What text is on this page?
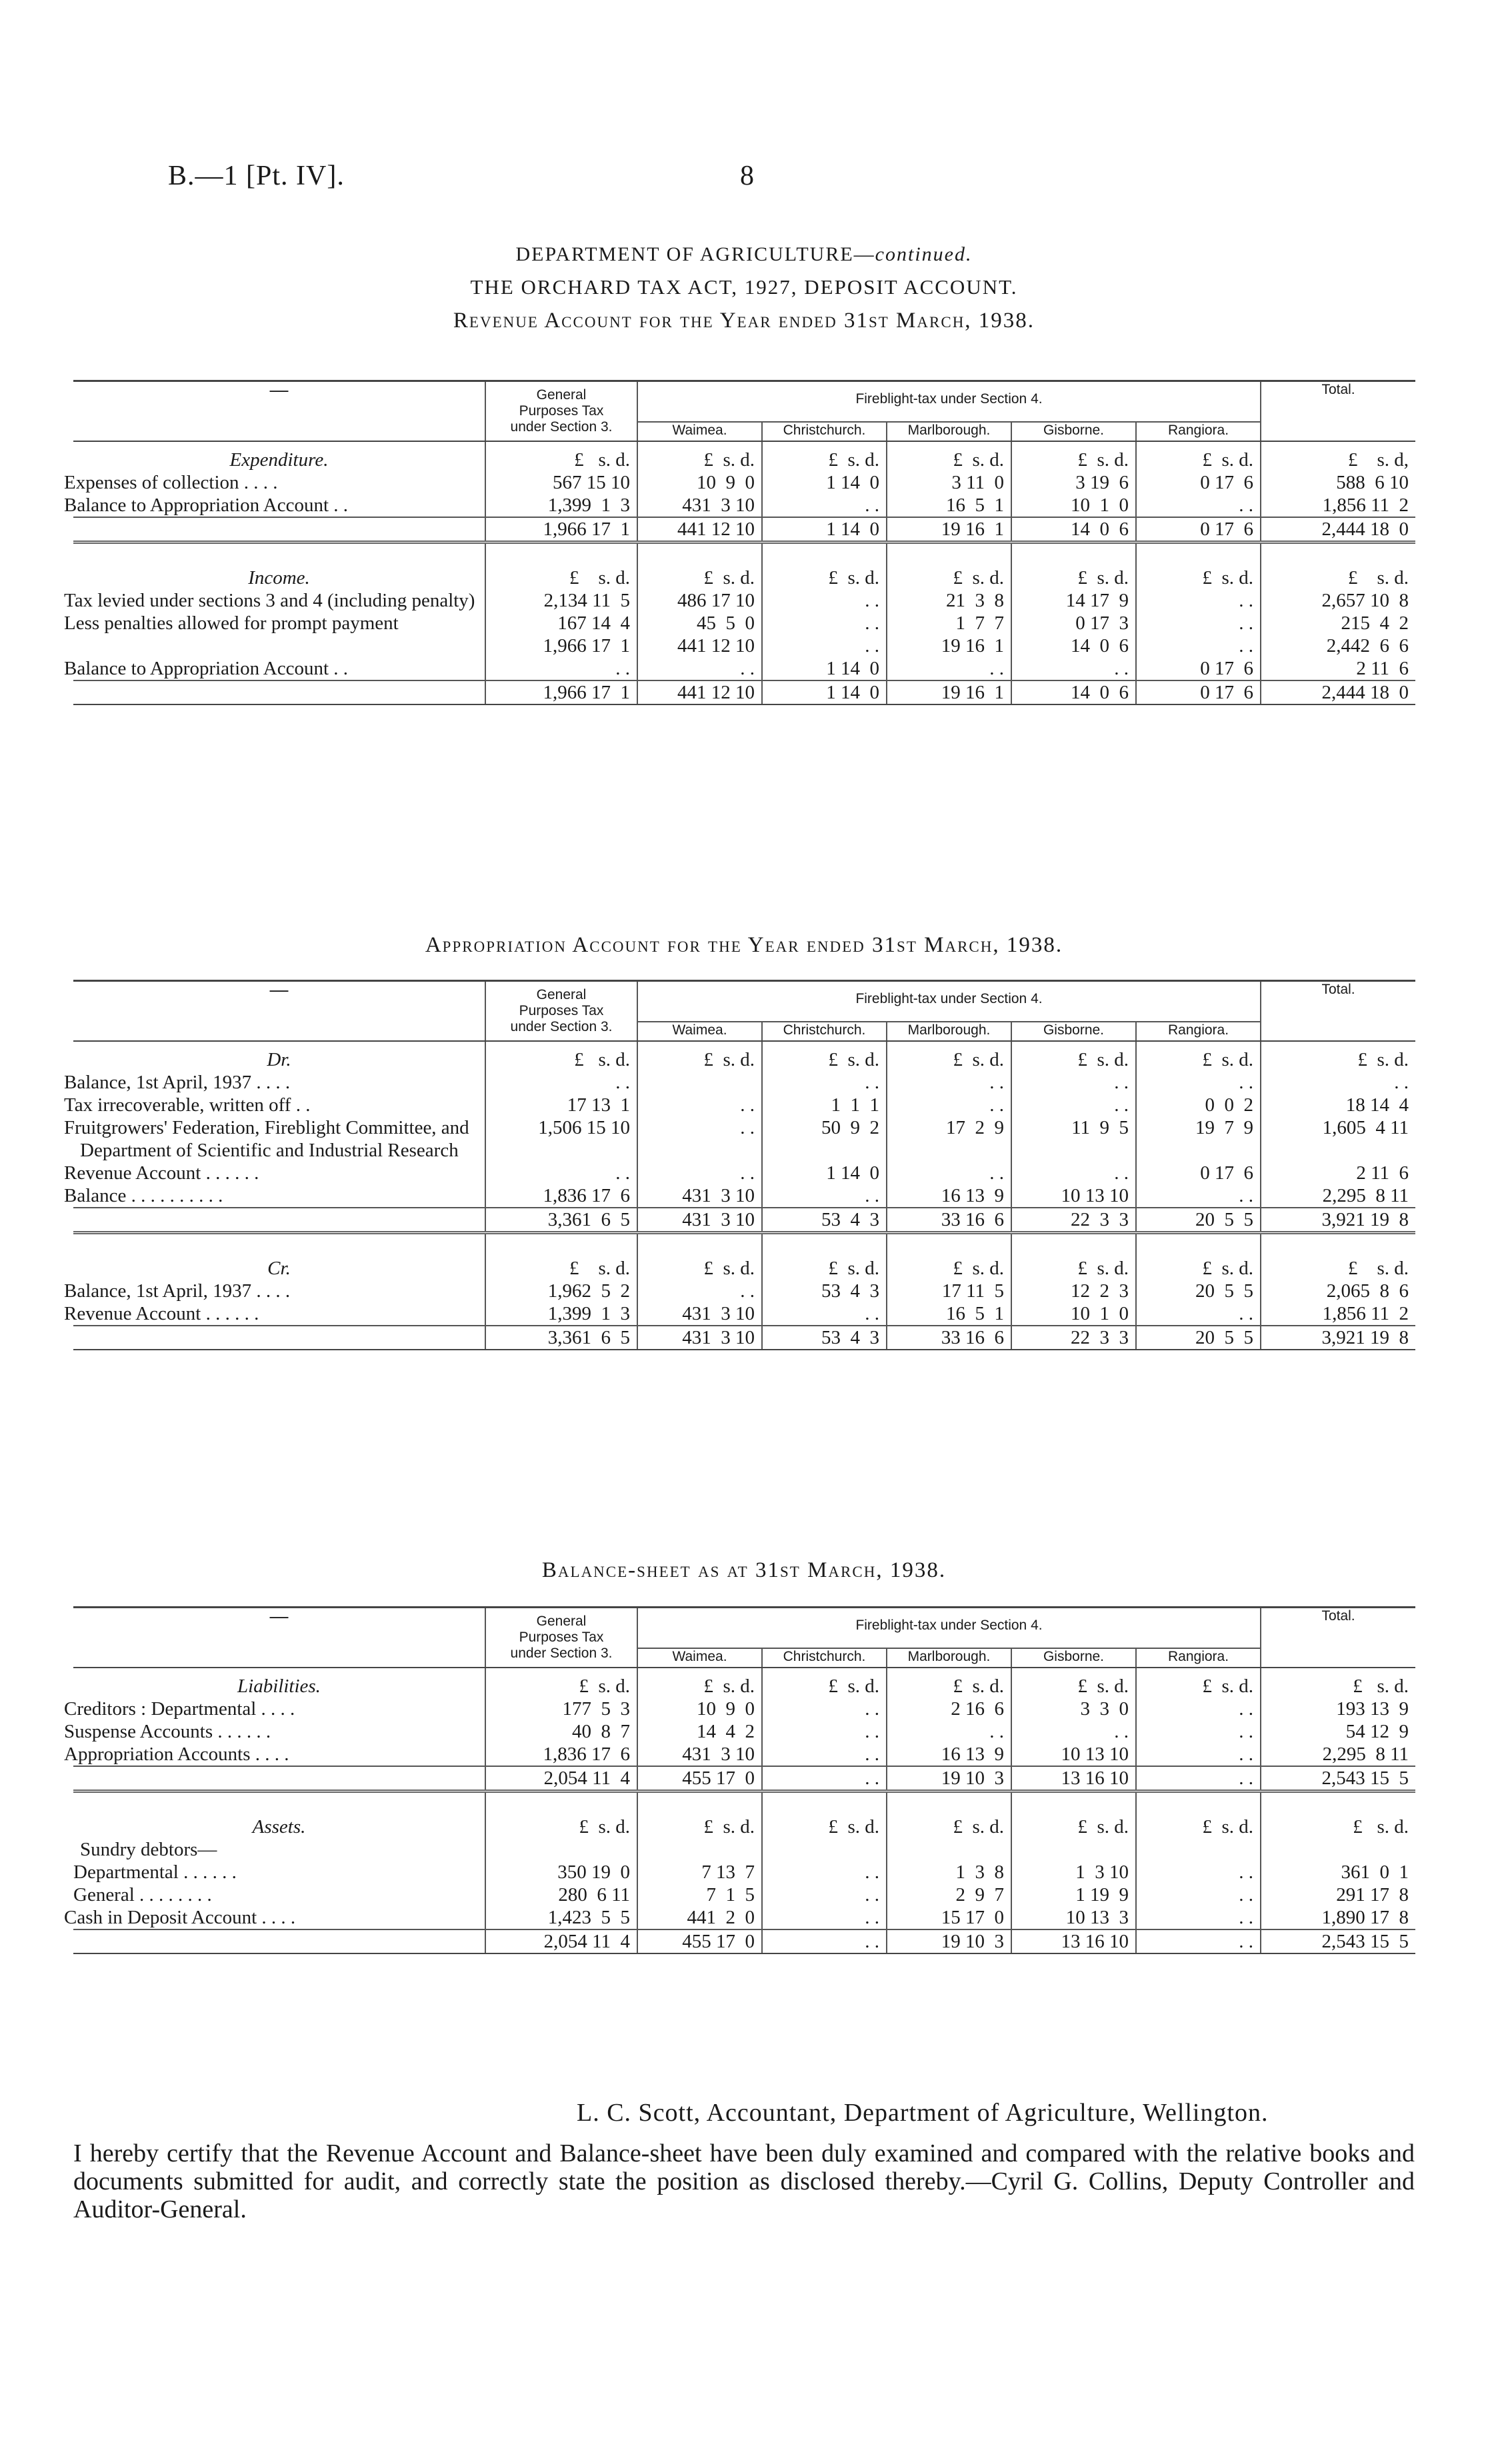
B.—1 [Pt. IV].	8
DEPARTMENT OF AGRICULTURE—continued.
THE ORCHARD TAX ACT, 1927, DEPOSIT ACCOUNT.
Revenue Account for the Year ended 31st March, 1938.
—	General Purposes Tax under Section 3.	Fireblight-tax under Section 4.					Total.
		Waimea.	Christchurch.	Marlborough.	Gisborne.	Rangiora.	
Expenditure.	£   s. d.	£  s. d.	£  s. d.	£  s. d.	£  s. d.	£  s. d.	£    s. d,
Expenses of collection . . . .	567 15 10	10  9  0	1 14  0	3 11  0	3 19  6	0 17  6	588  6 10
Balance to Appropriation Account . .	1,399  1  3	431  3 10	. .	16  5  1	10  1  0	. .	1,856 11  2
	1,966 17  1	441 12 10	1 14  0	19 16  1	14  0  6	0 17  6	2,444 18  0

Income.	£    s. d.	£  s. d.	£  s. d.	£  s. d.	£  s. d.	£  s. d.	£    s. d.
Tax levied under sections 3 and 4 (including penalty)	2,134 11  5	486 17 10	. .	21  3  8	14 17  9	. .	2,657 10  8
Less penalties allowed for prompt payment	167 14  4	45  5  0	. .	1  7  7	0 17  3	. .	215  4  2
	1,966 17  1	441 12 10	. .	19 16  1	14  0  6	. .	2,442  6  6
Balance to Appropriation Account . .	. .	. .	1 14  0	. .	. .	0 17  6	2 11  6
	1,966 17  1	441 12 10	1 14  0	19 16  1	14  0  6	0 17  6	2,444 18  0
Appropriation Account for the Year ended 31st March, 1938.
—	General Purposes Tax under Section 3.	Fireblight-tax under Section 4.					Total.
		Waimea.	Christchurch.	Marlborough.	Gisborne.	Rangiora.	
Dr.	£   s. d.	£  s. d.	£  s. d.	£  s. d.	£  s. d.	£  s. d.	£  s. d.
Balance, 1st April, 1937 . . . .	. .		. .	. .	. .	. .	. .
Tax irrecoverable, written off . .	17 13  1	. .	1  1  1	. .	. .	0  0  2	18 14  4
Fruitgrowers' Federation, Fireblight Committee, and Department of Scientific and Industrial Research	1,506 15 10	. .	50  9  2	17  2  9	11  9  5	19  7  9	1,605  4 11
Revenue Account . . . . . .	. .	. .	1 14  0	. .	. .	0 17  6	2 11  6
Balance . . . . . . . . . .	1,836 17  6	431  3 10	. .	16 13  9	10 13 10	. .	2,295  8 11
	3,361  6  5	431  3 10	53  4  3	33 16  6	22  3  3	20  5  5	3,921 19  8

Cr.	£    s. d.	£  s. d.	£  s. d.	£  s. d.	£  s. d.	£  s. d.	£    s. d.
Balance, 1st April, 1937 . . . .	1,962  5  2	. .	53  4  3	17 11  5	12  2  3	20  5  5	2,065  8  6
Revenue Account . . . . . .	1,399  1  3	431  3 10	. .	16  5  1	10  1  0	. .	1,856 11  2
	3,361  6  5	431  3 10	53  4  3	33 16  6	22  3  3	20  5  5	3,921 19  8
Balance-sheet as at 31st March, 1938.
—	General Purposes Tax under Section 3.	Fireblight-tax under Section 4.					Total.
		Waimea.	Christchurch.	Marlborough.	Gisborne.	Rangiora.	
Liabilities.	£  s. d.	£  s. d.	£  s. d.	£  s. d.	£  s. d.	£  s. d.	£   s. d.
Creditors : Departmental . . . .	177  5  3	10  9  0	. .	2 16  6	3  3  0	. .	193 13  9
Suspense Accounts . . . . . .	40  8  7	14  4  2	. .	. .	. .	. .	54 12  9
Appropriation Accounts . . . .	1,836 17  6	431  3 10	. .	16 13  9	10 13 10	. .	2,295  8 11
	2,054 11  4	455 17  0	. .	19 10  3	13 16 10	. .	2,543 15  5

Assets.	£  s. d.	£  s. d.	£  s. d.	£  s. d.	£  s. d.	£  s. d.	£   s. d.
Sundry debtors—							
Departmental . . . . . .	350 19  0	7 13  7	. .	1  3  8	1  3 10	. .	361  0  1
General . . . . . . . .	280  6 11	7  1  5	. .	2  9  7	1 19  9	. .	291 17  8
Cash in Deposit Account . . . .	1,423  5  5	441  2  0	. .	15 17  0	10 13  3	. .	1,890 17  8
	2,054 11  4	455 17  0	. .	19 10  3	13 16 10	. .	2,543 15  5
L. C. Scott, Accountant, Department of Agriculture, Wellington.
I hereby certify that the Revenue Account and Balance-sheet have been duly examined and compared with the relative books and documents submitted for audit, and correctly state the position as disclosed thereby.—Cyril G. Collins, Deputy Controller and Auditor-General.
